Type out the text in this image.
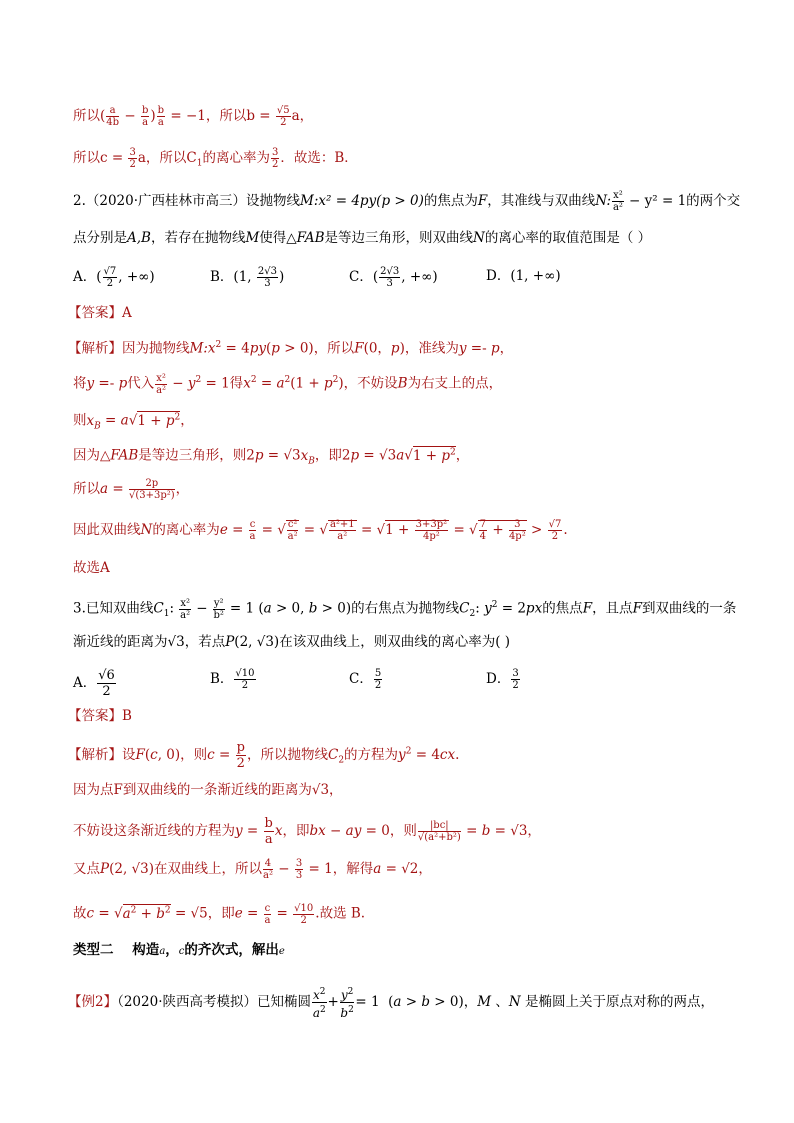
所以( $\frac{a}{4b} - \frac{b}{a}$ ) $\frac{b}{a} = -1$，所以$b = \frac{√5}{2}$ a，
所以$c = \frac{3}{2}$ a，所以$C_1$的离心率为 $\frac{3}{2}$ ．故选：B．
2.（2020·广西桂林市高三）设抛物线M:x² = 4py(p > 0)的焦点为F，其准线与双曲线N: $\frac{\text{x²}}{\text{a²}} - y^2 = 1$的两个交
点分别是A,B，若存在抛物线M使得△FAB是等边三角形，则双曲线N的离心率的取值范围是（ ）
A．( $\frac{√7}{2}$ , +∞)	B．(1, $\frac{2√3}{3}$ )	C．( $\frac{2√3}{3}$ , +∞)	D．(1, +∞)
【答案】A
【解析】因为抛物线$M:x^2 = 4py(p > 0)$，所以F(0，p)，准线为y =- p，
将y =- p代入 $\frac{\text{x²}}{\text{a²}} - y^2 = 1$得$x^2 = a^2(1 + p^2)$，不妨设B为右支上的点，
则$x_B = a√1 + p^2$，
因为△FAB是等边三角形，则$2p = √3x_B$，即$2p = √3a√1 + p^2$，
所以$a = \frac{2p}{\text{√(3+3p²)}}$ ，
因此双曲线N的离心率为$e = \frac{c}{a}$ = √ $\frac{\text{c²}}{\text{a²}}$ = √ $\frac{\text{a²+1}}{\text{a²}} = √1 + \frac{\text{3+3p²}}{\text{4p²}}$ = √ $\frac{7}{4} + \frac{3}{\text{4p²}} > \frac{√7}{2}$ .
故选A
3.已知双曲线$C_1$: $\frac{\text{x²}}{\text{a²}} - \frac{\text{y²}}{\text{b²}} = 1$ (a > 0, b > 0)的右焦点为抛物线$C_2$: $y^2 = 2px$的焦点F，且点F到双曲线的一条
渐近线的距离为√3，若点P(2, √3)在该双曲线上，则双曲线的离心率为( )
A． $\frac{√6}{2}$	B． $\frac{√10}{2}$	C． $\frac{5}{2}$	D． $\frac{3}{2}$
【答案】B
【解析】设F(c, 0)，则$c = \frac{p}{2}$ ，所以抛物线$C_2$的方程为$y^2 = 4cx$.
因为点F到双曲线的一条渐近线的距离为√3，
不妨设这条渐近线的方程为$y = \frac{b}{a}$ x，即bx − ay = 0，则 $\frac{|bc|}{\text{√(a²+b²)}} = b = √3$，
又点P(2, √3)在双曲线上，所以 $\frac{4}{\text{a²}} - \frac{3}{3} = 1$，解得a = √2，
故$c = √a^2 + b^2 = √5$，即$e = \frac{c}{a} = \frac{√10}{2}$ .故选 B.
类型二    构造a，c的齐次式，解出e
【例2】（2020·陕西高考模拟）已知椭圆 $\frac{x^2}{a^2} + \frac{y^2}{b^2} = 1$  (a > b > 0)，M 、N 是椭圆上关于原点对称的两点，
